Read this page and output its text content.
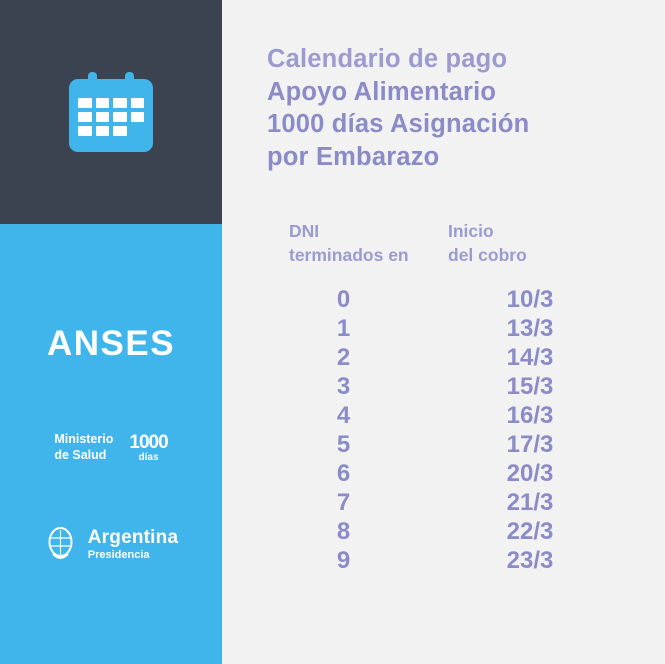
ANSES
Ministerio
de Salud
1000
días
Argentina
Presidencia
Calendario de pago
Apoyo Alimentario
1000 días Asignación
por Embarazo
DNI
terminados en
0
1
2
3
4
5
6
7
8
9
Inicio
del cobro
10/3
13/3
14/3
15/3
16/3
17/3
20/3
21/3
22/3
23/3
